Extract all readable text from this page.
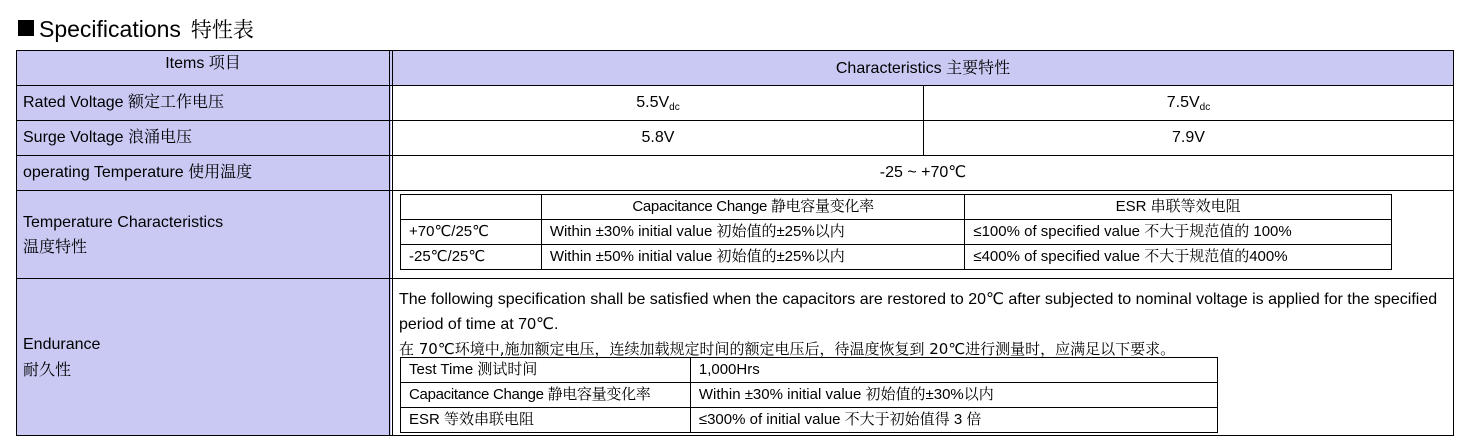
Specifications 特性表
Items 项目	Characteristics 主要特性
Rated Voltage 额定工作电压	$5.5V_{dc}$	$7.5V_{dc}$
Surge Voltage 浪涌电压	5.8V	7.9V
operating Temperature 使用温度	-25 ~ +70℃
Temperature Characteristics
温度特性
	Capacitance Change 静电容量变化率	ESR 串联等效电阻
+70℃/25℃	Within ±30% initial value 初始值的±25%以内	≤100% of specified value 不大于规范值的 100%
-25℃/25℃	Within ±50% initial value 初始值的±25%以内	≤400% of specified value 不大于规范值的400%
Endurance
耐久性
The following specification shall be satisfied when the capacitors are restored to 20℃ after subjected to nominal voltage is applied for the specified period of time at 70℃.
在 70℃环境中,施加额定电压，连续加载规定时间的额定电压后，待温度恢复到 20℃进行测量时，应满足以下要求。
Test Time 测试时间	1,000Hrs
Capacitance Change 静电容量变化率	Within ±30% initial value 初始值的±30%以内
ESR 等效串联电阻	≤300% of initial value 不大于初始值得 3 倍
